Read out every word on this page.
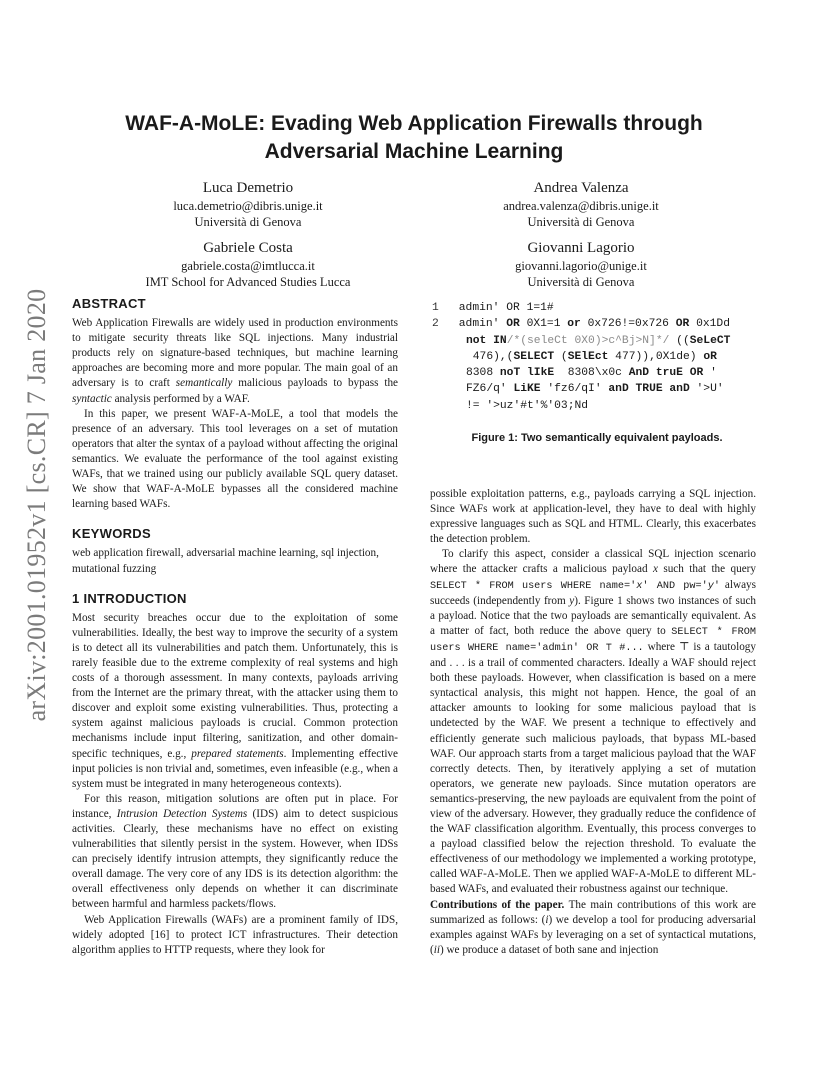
arXiv:2001.01952v1 [cs.CR] 7 Jan 2020
WAF-A-MoLE: Evading Web Application Firewalls through
Adversarial Machine Learning
Luca Demetrio
luca.demetrio@dibris.unige.it
Università di Genova
Andrea Valenza
andrea.valenza@dibris.unige.it
Università di Genova
Gabriele Costa
gabriele.costa@imtlucca.it
IMT School for Advanced Studies Lucca
Giovanni Lagorio
giovanni.lagorio@unige.it
Università di Genova
ABSTRACT

Web Application Firewalls are widely used in production environments to mitigate security threats like SQL injections. Many industrial products rely on signature-based techniques, but machine learning approaches are becoming more and more popular. The main goal of an adversary is to craft semantically malicious payloads to bypass the syntactic analysis performed by a WAF.

In this paper, we present WAF-A-MoLE, a tool that models the presence of an adversary. This tool leverages on a set of mutation operators that alter the syntax of a payload without affecting the original semantics. We evaluate the performance of the tool against existing WAFs, that we trained using our publicly available SQL query dataset. We show that WAF-A-MoLE bypasses all the considered machine learning based WAFs.

KEYWORDS

web application firewall, adversarial machine learning, sql injection, mutational fuzzing

1 INTRODUCTION

Most security breaches occur due to the exploitation of some vulnerabilities. Ideally, the best way to improve the security of a system is to detect all its vulnerabilities and patch them. Unfortunately, this is rarely feasible due to the extreme complexity of real systems and high costs of a thorough assessment. In many contexts, payloads arriving from the Internet are the primary threat, with the attacker using them to discover and exploit some existing vulnerabilities. Thus, protecting a system against malicious payloads is crucial. Common protection mechanisms include input filtering, sanitization, and other domain-specific techniques, e.g., prepared statements. Implementing effective input policies is non trivial and, sometimes, even infeasible (e.g., when a system must be integrated in many heterogeneous contexts).

For this reason, mitigation solutions are often put in place. For instance, Intrusion Detection Systems (IDS) aim to detect suspicious activities. Clearly, these mechanisms have no effect on existing vulnerabilities that silently persist in the system. However, when IDSs can precisely identify intrusion attempts, they significantly reduce the overall damage. The very core of any IDS is its detection algorithm: the overall effectiveness only depends on whether it can discriminate between harmful and harmless packets/flows.

Web Application Firewalls (WAFs) are a prominent family of IDS, widely adopted [16] to protect ICT infrastructures. Their detection algorithm applies to HTTP requests, where they look for

1 admin' OR 1=1#
2 admin' OR 0X1=1 or 0x726!=0x726 OR 0x1Dd
not IN/*(seleCt 0X0)>c^Bj>N]*/ ((SeLeCT
476),(SELECT (SElEct 477)),0X1de) oR
8308 noT lIkE  8308\x0c AnD truE OR '
FZ6/q' LiKE 'fz6/qI' anD TRUE anD '>U'
!= '>uz'#t'%'03;Nd
Figure 1: Two semantically equivalent payloads.

possible exploitation patterns, e.g., payloads carrying a SQL injection. Since WAFs work at application-level, they have to deal with highly expressive languages such as SQL and HTML. Clearly, this exacerbates the detection problem.

To clarify this aspect, consider a classical SQL injection scenario where the attacker crafts a malicious payload x such that the query SELECT * FROM users WHERE name='x' AND pw='y' always succeeds (independently from y). Figure 1 shows two instances of such a payload. Notice that the two payloads are semantically equivalent. As a matter of fact, both reduce the above query to SELECT * FROM users WHERE name='admin' OR ⊤ #... where ⊤ is a tautology and . . . is a trail of commented characters. Ideally a WAF should reject both these payloads. However, when classification is based on a mere syntactical analysis, this might not happen. Hence, the goal of an attacker amounts to looking for some malicious payload that is undetected by the WAF. We present a technique to effectively and efficiently generate such malicious payloads, that bypass ML-based WAF. Our approach starts from a target malicious payload that the WAF correctly detects. Then, by iteratively applying a set of mutation operators, we generate new payloads. Since mutation operators are semantics-preserving, the new payloads are equivalent from the point of view of the adversary. However, they gradually reduce the confidence of the WAF classification algorithm. Eventually, this process converges to a payload classified below the rejection threshold. To evaluate the effectiveness of our methodology we implemented a working prototype, called WAF-A-MoLE. Then we applied WAF-A-MoLE to different ML-based WAFs, and evaluated their robustness against our technique.

Contributions of the paper. The main contributions of this work are summarized as follows: (i) we develop a tool for producing adversarial examples against WAFs by leveraging on a set of syntactical mutations, (ii) we produce a dataset of both sane and injection
